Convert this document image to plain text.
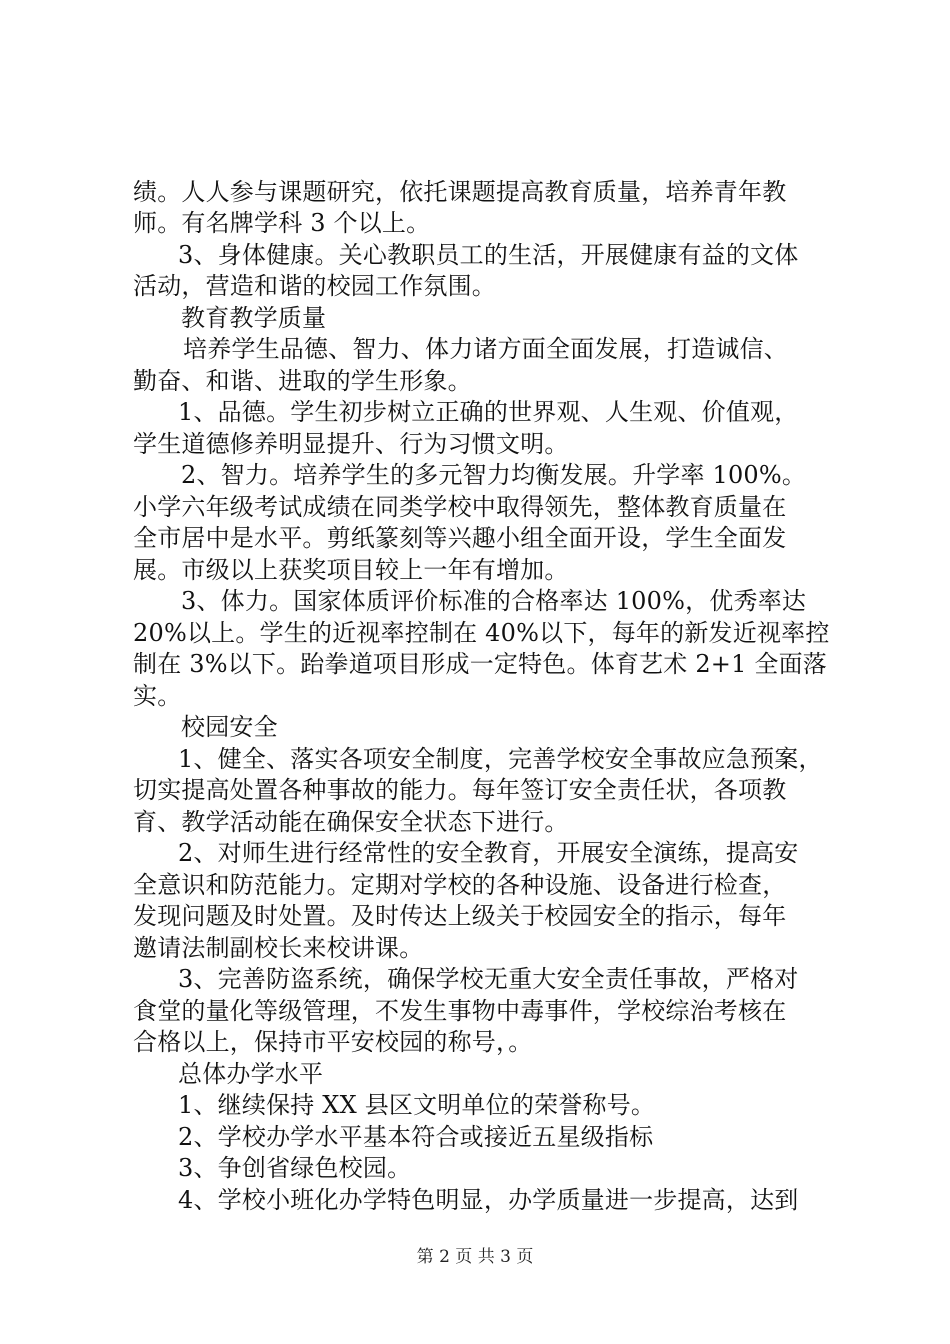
绩。人人参与课题研究，依托课题提高教育质量，培养青年教
师。有名牌学科 3 个以上。
3、身体健康。关心教职员工的生活，开展健康有益的文体
活动，营造和谐的校园工作氛围。
教育教学质量
培养学生品德、智力、体力诸方面全面发展，打造诚信、
勤奋、和谐、进取的学生形象。
1、品德。学生初步树立正确的世界观、人生观、价值观，
学生道德修养明显提升、行为习惯文明。
2、智力。培养学生的多元智力均衡发展。升学率 100%。
小学六年级考试成绩在同类学校中取得领先，整体教育质量在
全市居中是水平。剪纸篆刻等兴趣小组全面开设，学生全面发
展。市级以上获奖项目较上一年有增加。
3、体力。国家体质评价标准的合格率达 100%，优秀率达
20%以上。学生的近视率控制在 40%以下，每年的新发近视率控
制在 3%以下。跆拳道项目形成一定特色。体育艺术 2+1 全面落
实。
校园安全
1、健全、落实各项安全制度，完善学校安全事故应急预案，
切实提高处置各种事故的能力。每年签订安全责任状，各项教
育、教学活动能在确保安全状态下进行。
2、对师生进行经常性的安全教育，开展安全演练，提高安
全意识和防范能力。定期对学校的各种设施、设备进行检查，
发现问题及时处置。及时传达上级关于校园安全的指示，每年
邀请法制副校长来校讲课。
3、完善防盗系统，确保学校无重大安全责任事故，严格对
食堂的量化等级管理，不发生事物中毒事件，学校综治考核在
合格以上，保持市平安校园的称号，。
总体办学水平
1、继续保持 XX 县区文明单位的荣誉称号。
2、学校办学水平基本符合或接近五星级指标
3、争创省绿色校园。
4、学校小班化办学特色明显，办学质量进一步提高，达到
第 2 页 共 3 页
